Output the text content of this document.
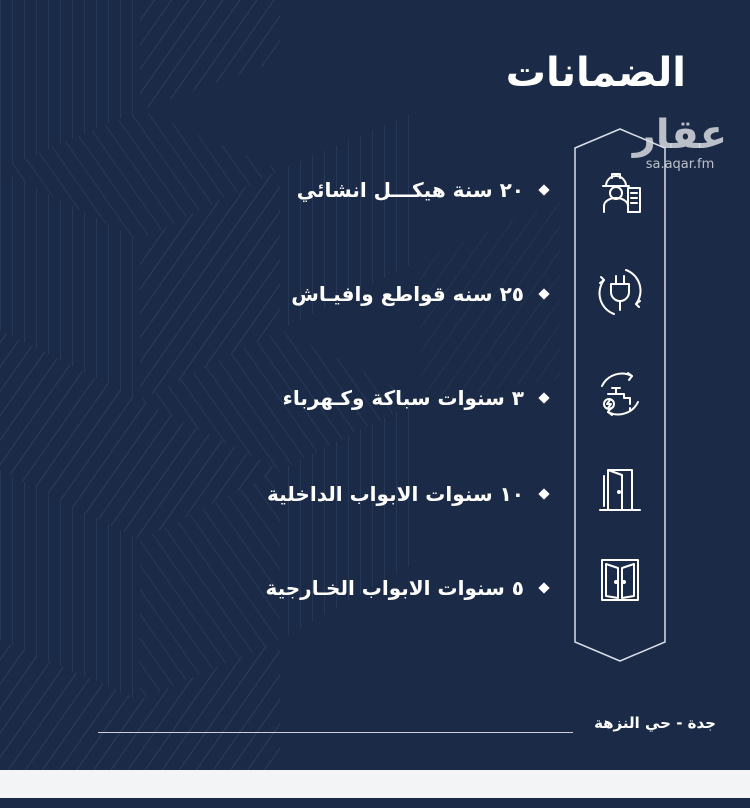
الضمانات
عقار
sa.aqar.fm
٢٠ سنة هيكـــل انشائي
٢٥ سنه قواطع وافيـاش
٣ سنوات سباكة وكـهرباء
١٠ سنوات الابواب الداخلية
٥ سنوات الابواب الخـارجية
جدة - حي النزهة
